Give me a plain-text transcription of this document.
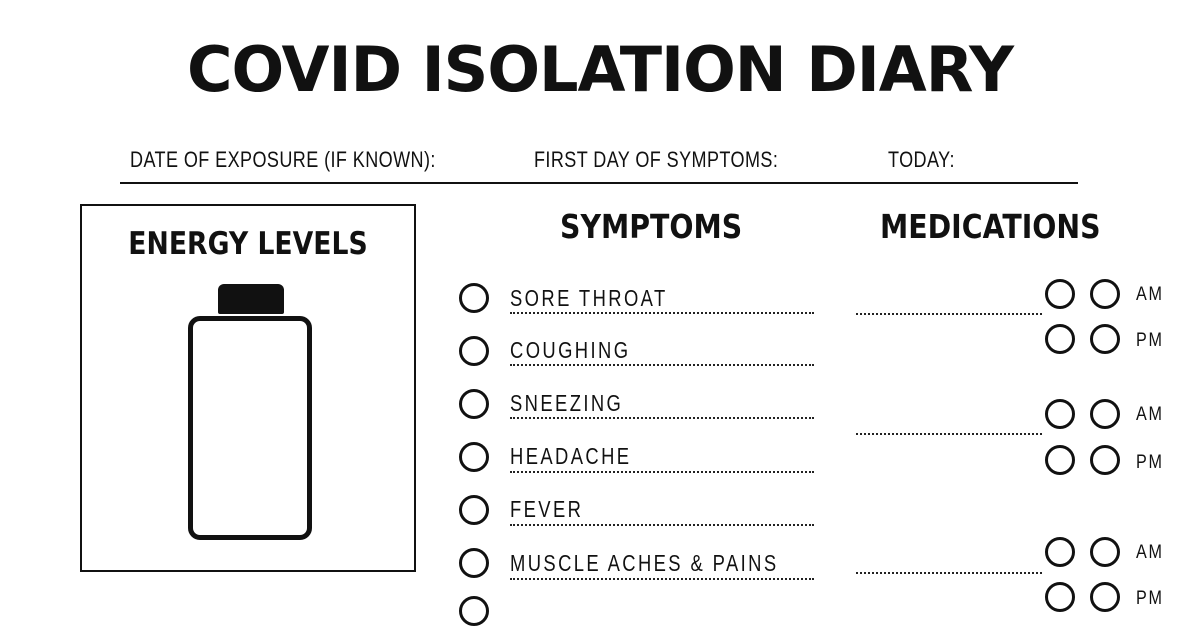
COVID ISOLATION DIARY
DATE OF EXPOSURE (IF KNOWN):	FIRST DAY OF SYMPTOMS:	TODAY:
ENERGY LEVELS	SYMPTOMS	MEDICATIONS
SORE THROAT
COUGHING
SNEEZING
HEADACHE
FEVER
MUSCLE ACHES & PAINS
AM
PM
AM
PM
AM
PM
